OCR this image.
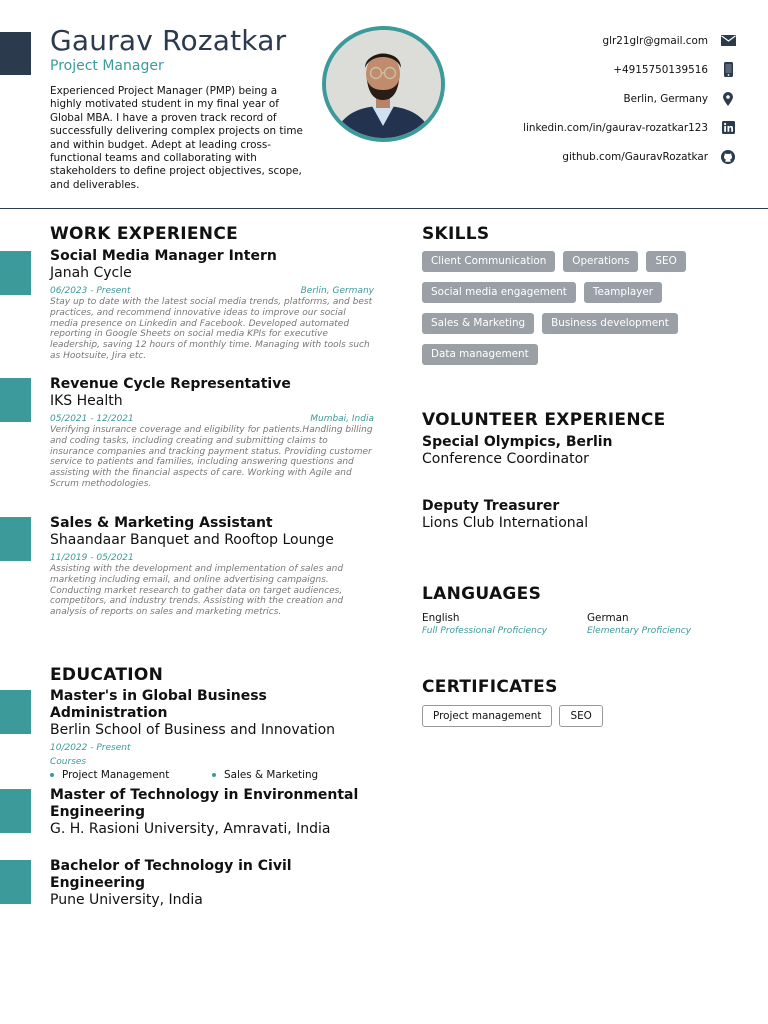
Gaurav Rozatkar
Project Manager
Experienced Project Manager (PMP) being a highly motivated student in my final year of Global MBA. I have a proven track record of successfully delivering complex projects on time and within budget. Adept at leading cross-functional teams and collaborating with stakeholders to define project objectives, scope, and deliverables.
glr21glr@gmail.com
+4915750139516
Berlin, Germany
linkedin.com/in/gaurav-rozatkar123
github.com/GauravRozatkar
WORK EXPERIENCE
Social Media Manager Intern
Janah Cycle
06/2023 - Present	Berlin, Germany
Stay up to date with the latest social media trends, platforms, and best practices, and recommend innovative ideas to improve our social media presence on Linkedin and Facebook. Developed automated reporting in Google Sheets on social media KPIs for executive leadership, saving 12 hours of monthly time. Managing with tools such as Hootsuite, Jira etc.
Revenue Cycle Representative
IKS Health
05/2021 - 12/2021	Mumbai, India
Verifying insurance coverage and eligibility for patients.Handling billing and coding tasks, including creating and submitting claims to insurance companies and tracking payment status. Providing customer service to patients and families, including answering questions and assisting with the financial aspects of care. Working with Agile and Scrum methodologies.
Sales & Marketing Assistant
Shaandaar Banquet and Rooftop Lounge
11/2019 - 05/2021
Assisting with the development and implementation of sales and marketing including email, and online advertising campaigns. Conducting market research to gather data on target audiences, competitors, and industry trends. Assisting with the creation and analysis of reports on sales and marketing metrics.
EDUCATION
Master's in Global Business Administration
Berlin School of Business and Innovation
10/2022 - Present
Courses
Project Management	Sales & Marketing
Master of Technology in Environmental Engineering
G. H. Rasioni University, Amravati, India
Bachelor of Technology in Civil Engineering
Pune University, India
SKILLS
Client Communication	Operations	SEO
Social media engagement	Teamplayer
Sales & Marketing	Business development
Data management
VOLUNTEER EXPERIENCE
Special Olympics, Berlin
Conference Coordinator
Deputy Treasurer
Lions Club International
LANGUAGES
English
Full Professional Proficiency
German
Elementary Proficiency
CERTIFICATES
Project management	SEO
